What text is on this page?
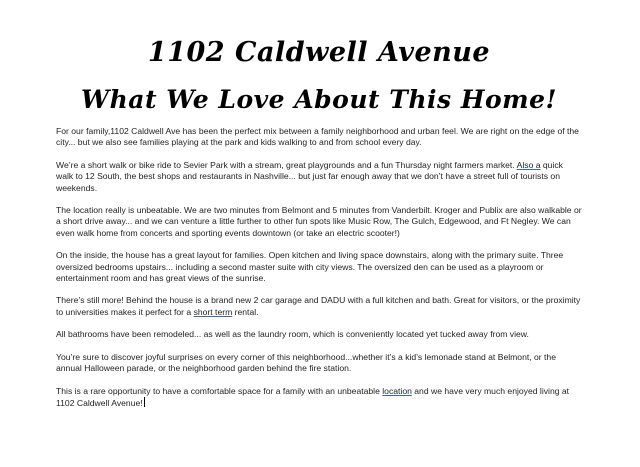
1102 Caldwell Avenue
What We Love About This Home!

For our family,1102 Caldwell Ave has been the perfect mix between a family neighborhood and urban feel. We are right on the edge of the city... but we also see families playing at the park and kids walking to and from school every day.

We’re a short walk or bike ride to Sevier Park with a stream, great playgrounds and a fun Thursday night farmers market. Also a quick walk to 12 South, the best shops and restaurants in Nashville... but just far enough away that we don’t have a street full of tourists on weekends.

The location really is unbeatable. We are two minutes from Belmont and 5 minutes from Vanderbilt. Kroger and Publix are also walkable or a short drive away... and we can venture a little further to other fun spots like Music Row, The Gulch, Edgewood, and Ft Negley. We can even walk home from concerts and sporting events downtown (or take an electric scooter!)

On the inside, the house has a great layout for families. Open kitchen and living space downstairs, along with the primary suite. Three oversized bedrooms upstairs... including a second master suite with city views. The oversized den can be used as a playroom or entertainment room and has great views of the sunrise.

There’s still more! Behind the house is a brand new 2 car garage and DADU with a full kitchen and bath. Great for visitors, or the proximity to universities makes it perfect for a short term rental.

All bathrooms have been remodeled... as well as the laundry room, which is conveniently located yet tucked away from view.

You’re sure to discover joyful surprises on every corner of this neighborhood...whether it’s a kid’s lemonade stand at Belmont, or the annual Halloween parade, or the neighborhood garden behind the fire station.

This is a rare opportunity to have a comfortable space for a family with an unbeatable location and we have very much enjoyed living at 1102 Caldwell Avenue!
